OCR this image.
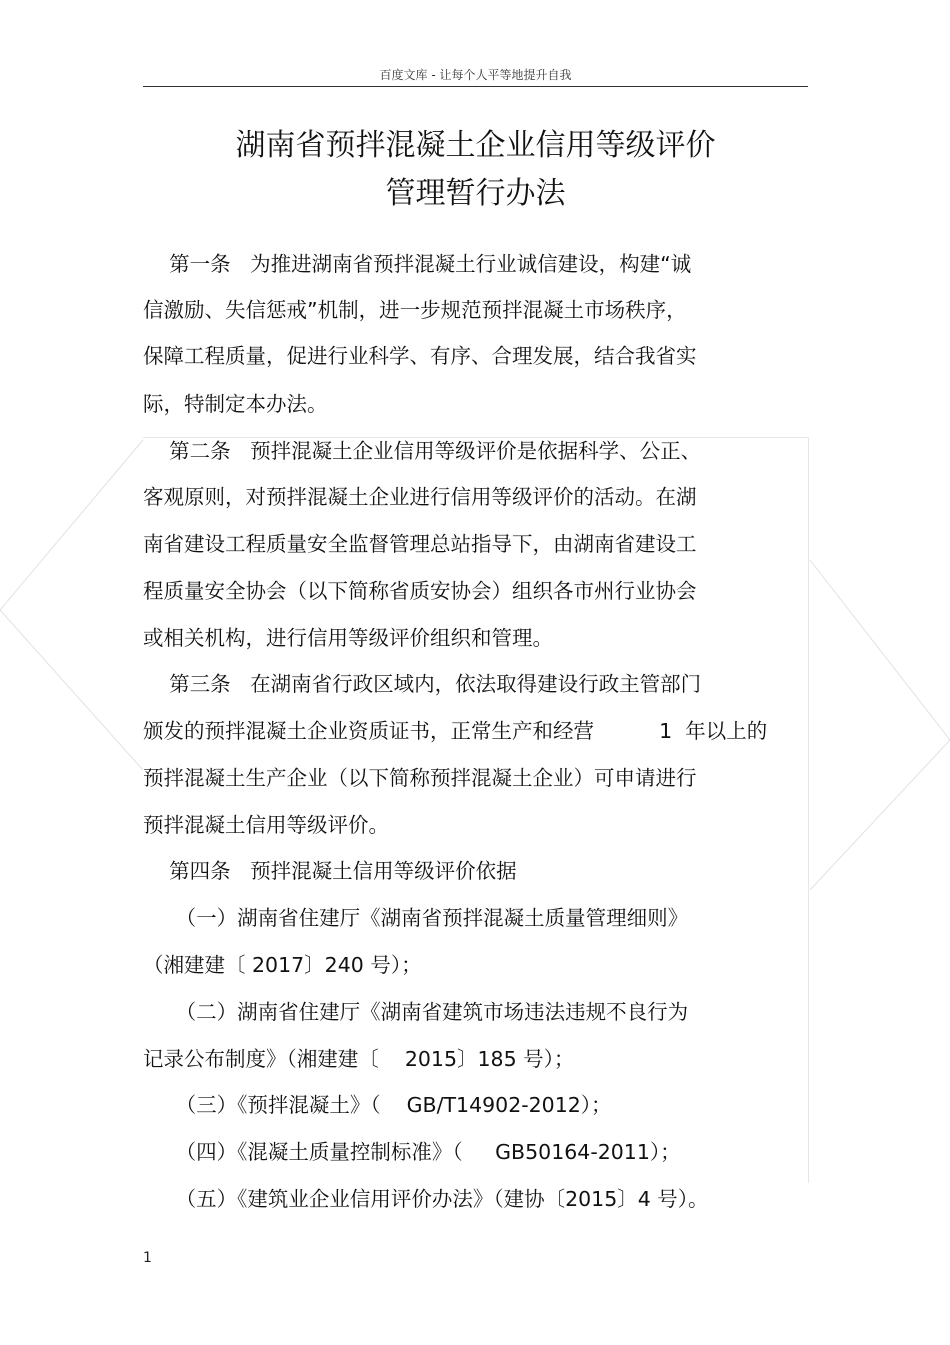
百度文库 - 让每个人平等地提升自我
湖南省预拌混凝土企业信用等级评价
管理暂行办法
第一条   为推进湖南省预拌混凝土行业诚信建设，构建“诚
信激励、失信惩戒”机制，进一步规范预拌混凝土市场秩序，
保障工程质量，促进行业科学、有序、合理发展，结合我省实
际，特制定本办法。
第二条   预拌混凝土企业信用等级评价是依据科学、公正、
客观原则，对预拌混凝土企业进行信用等级评价的活动。在湖
南省建设工程质量安全监督管理总站指导下，由湖南省建设工
程质量安全协会（以下简称省质安协会）组织各市州行业协会
或相关机构，进行信用等级评价组织和管理。
第三条   在湖南省行政区域内，依法取得建设行政主管部门
颁发的预拌混凝土企业资质证书，正常生产和经营          1  年以上的
预拌混凝土生产企业（以下简称预拌混凝土企业）可申请进行
预拌混凝土信用等级评价。
第四条   预拌混凝土信用等级评价依据
（一）湖南省住建厅《湖南省预拌混凝土质量管理细则》
（湘建建〔 2017〕240 号）；
（二）湖南省住建厅《湖南省建筑市场违法违规不良行为
记录公布制度》（湘建建〔    2015〕185 号）；
（三）《预拌混凝土》（    GB/T14902-2012）；
（四）《混凝土质量控制标准》（     GB50164-2011）；
（五）《建筑业企业信用评价办法》（建协〔2015〕4 号）。
1
